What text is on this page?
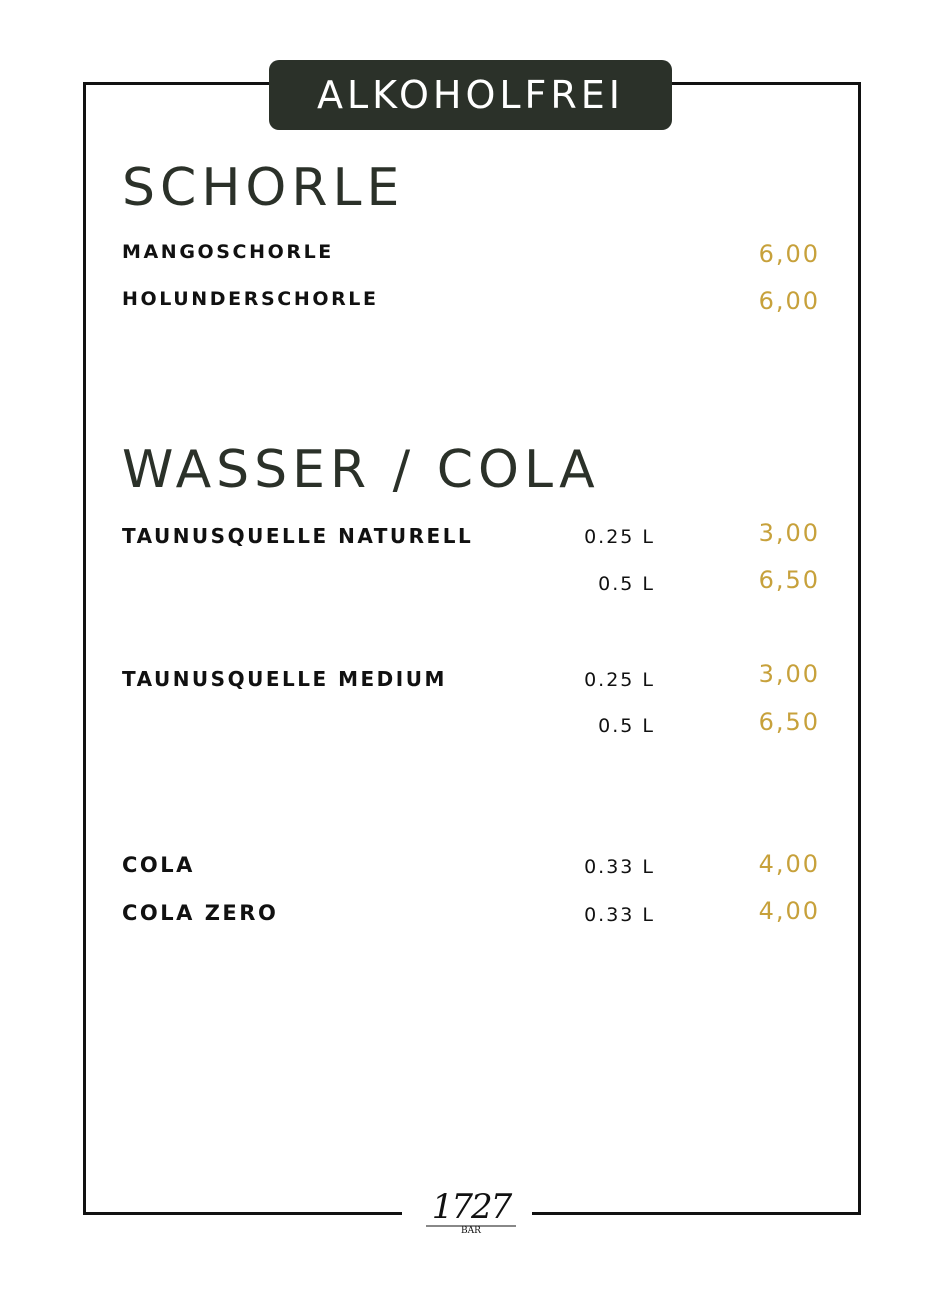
ALKOHOLFREI
SCHORLE
MANGOSCHORLE	6,00
HOLUNDERSCHORLE	6,00
WASSER / COLA
TAUNUSQUELLE NATURELL	0.25 L	3,00
0.5 L	6,50
TAUNUSQUELLE MEDIUM	0.25 L	3,00
0.5 L	6,50
COLA	0.33 L	4,00
COLA ZERO	0.33 L	4,00
1727
BAR
